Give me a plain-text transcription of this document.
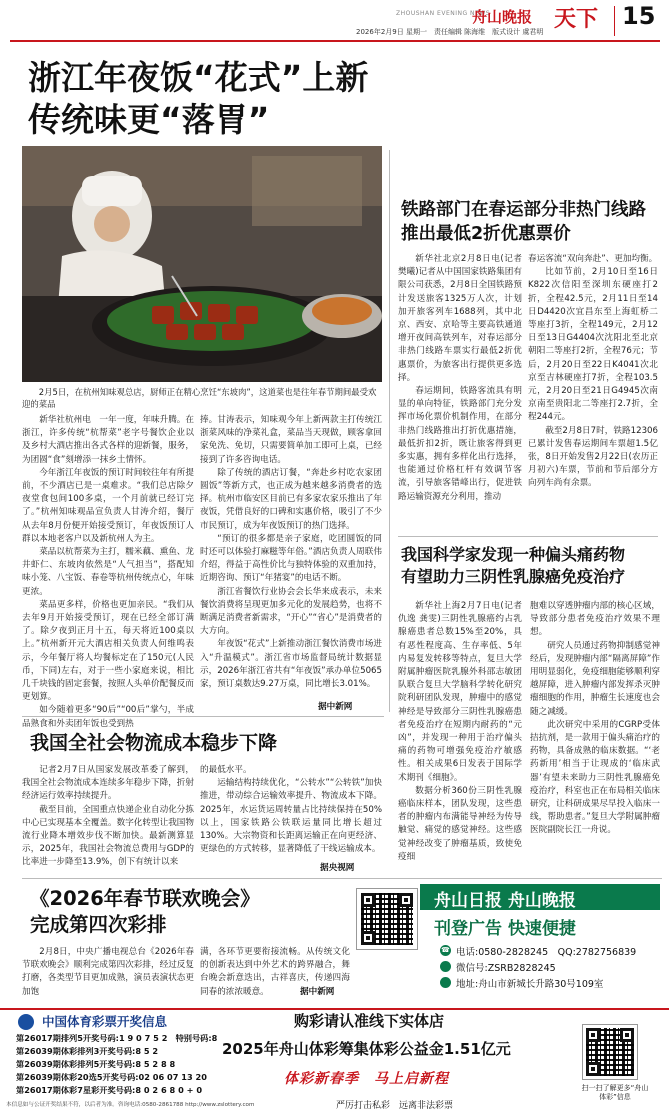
ZHOUSHAN EVENING NEWS
舟山晚报 天下 15
2026年2月9日 星期一　责任编辑 陈海维　版式设计 虞君明
浙江年夜饭“花式”上新
传统味更“落胃”
2月5日，在杭州知味观总店，厨师正在精心烹饪“东坡肉”，这道菜也是往年春节期间最受欢迎的菜品

新华社杭州电　一年一度，年味升腾。在浙江，许多传统“杭帮菜”老字号餐饮企业以及乡村大酒店推出各式各样的迎新餐，服务，为团圆“食”刻增添一抹乡土情怀。

今年浙江年夜饭的预订时间较往年有所提前，不少酒店已是一桌难求。“我们总店除夕夜堂食包间100多桌，一个月前就已经订完了。”杭州知味观品宣负责人甘涛介绍，餐厅从去年8月份便开始接受预订，年夜饭预订人群以本地老客户以及新杭州人为主。

菜品以杭帮菜为主打，糯米藕、熏鱼、龙井虾仁、东坡肉依然是“人气担当”，搭配知味小笼、八宝饭、春卷等杭州传统点心，年味更浓。

菜品更多样，价格也更加亲民。“我们从去年9月开始接受预订，现在已经全部订满了。除夕夜到正月十五，每天将近100桌以上。”杭州新开元大酒店相关负责人何维鸣表示，今年餐厅将人均餐标定在了150元(人民币，下同)左右，对于一些小家庭来说，相比几千块钱的固定套餐，按照人头单价配餐反而更划算。

如今随着更多“90后”“00后”掌勺，半成品熟食和外卖团年饭也受到热

捧。甘涛表示，知味观今年上新两款主打传统江浙菜风味的净菜礼盒，菜品当天现做，顾客拿回家免洗、免切，只需要简单加工即可上桌，已经接到了许多咨询电话。

除了传统的酒店订餐，“奔赴乡村吃农家团圆饭”等新方式，也正成为越来越多消费者的选择。杭州市临安区目前已有多家农家乐推出了年夜饭，凭借良好的口碑和实惠价格，吸引了不少市民预订，成为年夜饭预订的热门选择。

“预订的很多都是亲子家庭，吃团圆饭的同时还可以体验打麻糍等年俗。”酒店负责人周联伟介绍，得益于高性价比与独特体验的双重加持，近期咨询、预订“年猪宴”的电话不断。

浙江省餐饮行业协会会长华来成表示，未来餐饮消费将呈现更加多元化的发展趋势，也将不断满足消费者新需求，“开心”“省心”是消费者的大方向。

年夜饭“花式”上新推动浙江餐饮消费市场进入“升温模式”。浙江省市场监督局统计数据显示，2026年浙江省共有“年夜饭”承办单位5065家，预订桌数达9.27万桌，同比增长3.01%。

据中新网
铁路部门在春运部分非热门线路
推出最低2折优惠票价

新华社北京2月8日电(记者 樊曦)记者从中国国家铁路集团有限公司获悉，2月8日全国铁路预计发送旅客1325万人次，计划加开旅客列车1688列，其中北京、西安、京哈等主要高铁通道增开夜间高铁列车，对春运部分非热门线路车票实行最低2折优惠票价，为旅客出行提供更多选择。

春运期间，铁路客流具有明显的单向特征，铁路部门充分发挥市场化票价机制作用，在部分非热门线路推出打折优惠措施，最低折扣2折，既让旅客得到更多实惠，拥有多样化出行选择，也能通过价格杠杆有效调节客流，引导旅客错峰出行，促进铁路运输资源充分利用，推动

春运客流“双向奔赴”、更加均衡。

比如节前，2月10日至16日K822次信阳至深圳东硬座打2折，全程42.5元，2月11日至14日D4420次宜昌东至上海虹桥二等座打3折，全程149元，2月12日至13日G4404次沈阳北至北京朝阳二等座打2折，全程76元；节后，2月20日至22日K4041次北京至吉林硬座打7折，全程103.5元，2月20日至21日G4945次南京南至贵阳北二等座打2.7折，全程244元。

截至2月8日7时，铁路12306已累计发售春运期间车票超1.5亿张，8日开始发售2月22日(农历正月初六)车票，节前和节后部分方向列车尚有余票。

我国科学家发现一种偏头痛药物
有望助力三阴性乳腺癌免疫治疗

新华社上海2月7日电(记者 仇逸 龚雯)三阴性乳腺癌约占乳腺癌患者总数15%至20%，具有恶性程度高、生存率低、5年内易复发转移等特点，复旦大学附属肿瘤医院乳腺外科邵志敏团队联合复旦大学脑科学转化研究院利研团队发现，肿瘤中的感觉神经是导致部分三阴性乳腺癌患者免疫治疗在短期内耐药的“元凶”，并发现一种用于治疗偏头痛的药物可增强免疫治疗敏感性。相关成果6日发表于国际学术期刊《细胞》。

数据分析360份三阴性乳腺癌临床样本，团队发现，这些患者的肿瘤内布满能导神经为传导触觉、痛觉的感觉神经。这些感觉神经改变了肿瘤基质，致使免疫细

胞难以穿透肿瘤内部的核心区域，导致部分患者免疫治疗效果不理想。

研究人员通过药物抑制感觉神经后，发现肿瘤内部“隔离屏障”作用明显弱化，免疫细胞能够顺利穿越屏障，进入肿瘤内部发挥杀灭肿瘤细胞的作用，肿瘤生长速度也会随之减缓。

此次研究中采用的CGRP受体拮抗剂，是一款用于偏头痛治疗的药物，具备成熟的临床数据。“‘老药新用’相当于让现成的‘临床武器’有望未来助力三阴性乳腺癌免疫治疗，科室也正在布局相关临床研究，让科研成果尽早投入临床一线，帮助患者。”复旦大学附属肿瘤医院副院长江一舟说。

我国全社会物流成本稳步下降

记者2月7日从国家发展改革委了解到，我国全社会物流成本连续多年稳步下降，折射经济运行效率持续提升。

截至目前，全国重点快递企业自动化分拣中心已实现基本全覆盖。数字化转型让我国物流行业降本增效步伐不断加快。最新测算显示，2025年，我国社会物流总费用与GDP的比率进一步降至13.9%，创下有统计以来

的最低水平。

运输结构持续优化，“公转水”“公转铁”加快推进，带动综合运输效率提升、物流成本下降。2025年，水运货运周转量占比持续保持在50%以上，国家铁路公铁联运量同比增长超过130%。大宗物资和长距离运输正在向更经济、更绿色的方式转移，显著降低了干线运输成本。

据央视网
《2026年春节联欢晚会》
完成第四次彩排

2月8日，中央广播电视总台《2026年春节联欢晚会》顺利完成第四次彩排，经过反复打磨，各类型节目更加成熟，演员表演状态更加饱

满，各环节更要衔接流畅。从传统文化的创新表达到中外艺术的跨界融合，舞台晚会新意迭出，古祥喜庆，传递四海同春的浓浓暖意。	据中新网
舟山日报 舟山晚报
刊登广告 快速便捷
电话:0580-2828245　QQ:2782756839
微信号:ZSRB2828245
地址:舟山市新城长升路30号109室
☎
中国体育彩票开奖信息
第26017期排列5开奖号码:1 9 0 7 5 2　特别号码:8
第26039期体彩排列3开奖号码:8 5 2
第26039期体彩排列5开奖号码:8 5 2 8 8
第26039期体彩20选5开奖号码:02 06 07 13 20
第26017期体彩7星彩开奖号码:8 0 2 6 8 0 + 0
本信息如与公证开奖结果不符，以后者为准。咨询电话:0580-2861788 http://www.zslottery.com
购彩请认准线下实体店
2025年舟山体彩筹集体彩公益金1.51亿元
体彩新春季　马上启新程
严厉打击私彩　远离非法彩票
扫一扫了解更多“舟山体彩”信息
